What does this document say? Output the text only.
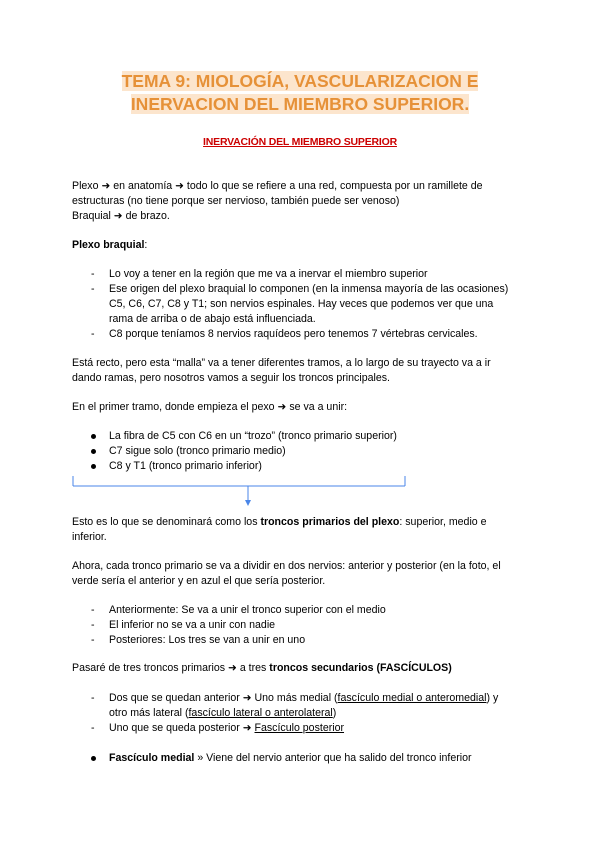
TEMA 9: MIOLOGÍA, VASCULARIZACION E
INERVACION DEL MIEMBRO SUPERIOR.
INERVACIÓN DEL MIEMBRO SUPERIOR
Plexo ➜ en anatomía ➜ todo lo que se refiere a una red, compuesta por un ramillete de
estructuras (no tiene porque ser nervioso, también puede ser venoso)
Braquial ➜ de brazo.
Plexo braquial:
- Lo voy a tener en la región que me va a inervar el miembro superior
- Ese origen del plexo braquial lo componen (en la inmensa mayoría de las ocasiones)
C5, C6, C7, C8 y T1; son nervios espinales. Hay veces que podemos ver que una
rama de arriba o de abajo está influenciada.
- C8 porque teníamos 8 nervios raquídeos pero tenemos 7 vértebras cervicales.
Está recto, pero esta “malla” va a tener diferentes tramos, a lo largo de su trayecto va a ir
dando ramas, pero nosotros vamos a seguir los troncos principales.
En el primer tramo, donde empieza el pexo ➜ se va a unir:
La fibra de C5 con C6 en un “trozo” (tronco primario superior)
C7 sigue solo (tronco primario medio)
C8 y T1 (tronco primario inferior)
Esto es lo que se denominará como los troncos primarios del plexo: superior, medio e
inferior.
Ahora, cada tronco primario se va a dividir en dos nervios: anterior y posterior (en la foto, el
verde sería el anterior y en azul el que sería posterior.
- Anteriormente: Se va a unir el tronco superior con el medio
- El inferior no se va a unir con nadie
- Posteriores: Los tres se van a unir en uno
Pasaré de tres troncos primarios ➜ a tres troncos secundarios (FASCÍCULOS)
- Dos que se quedan anterior ➜ Uno más medial (fascículo medial o anteromedial) y
otro más lateral (fascículo lateral o anterolateral)
- Uno que se queda posterior ➜ Fascículo posterior
Fascículo medial » Viene del nervio anterior que ha salido del tronco inferior
